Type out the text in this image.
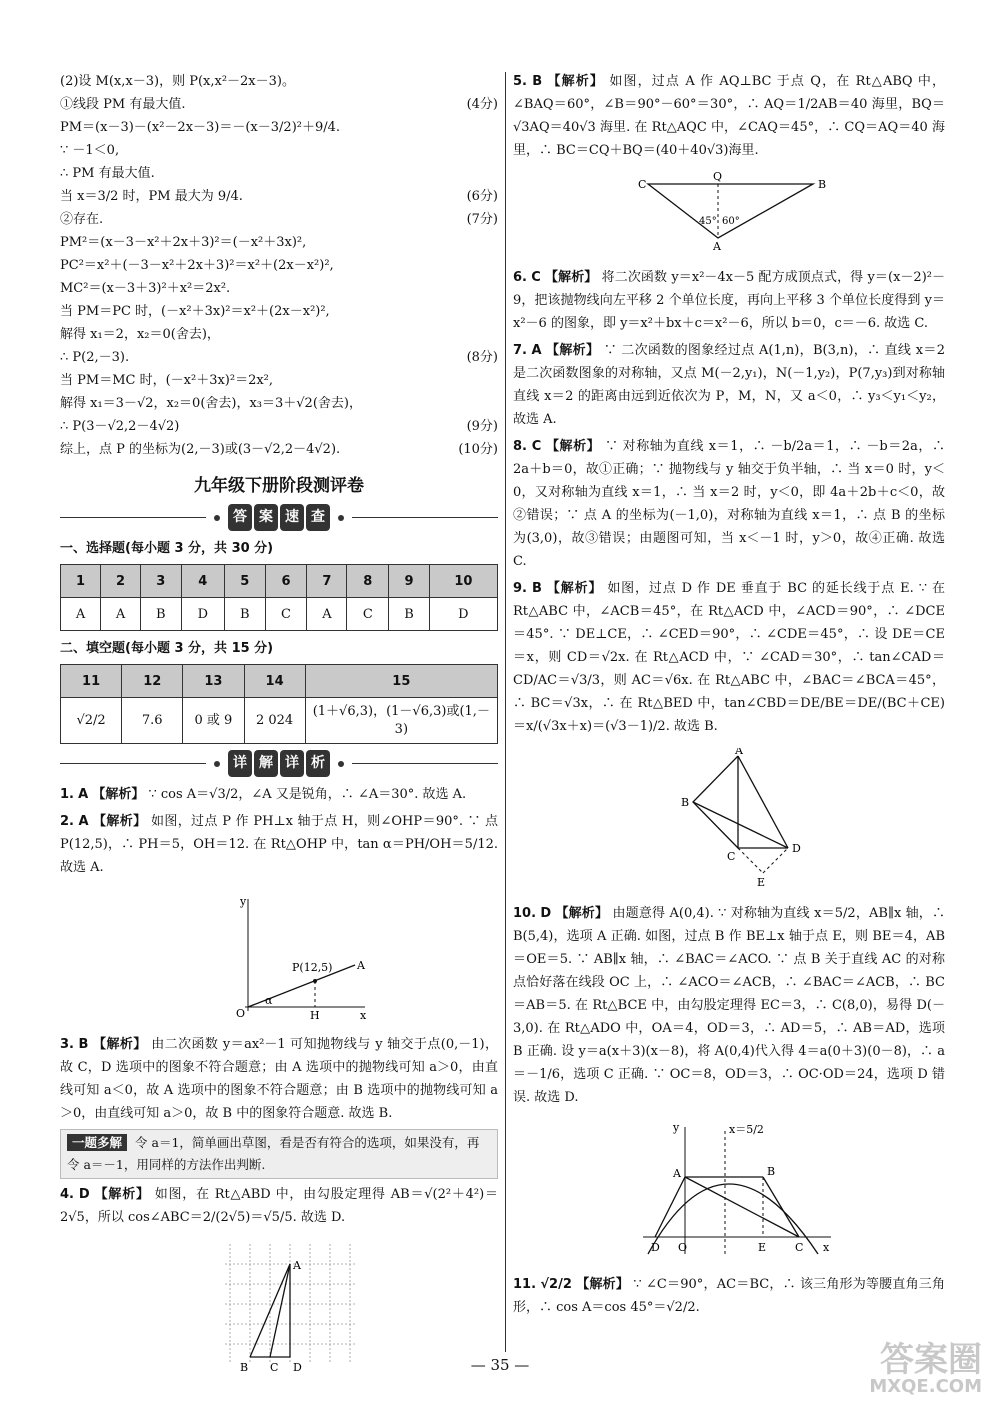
(2)设 M(x,x－3)，则 P(x,x²－2x－3)。
①线段 PM 有最大值.	(4分)
PM＝(x－3)－(x²－2x－3)＝－(x－3/2)²＋9/4.
∵ －1＜0,
∴ PM 有最大值.
当 x＝3/2 时，PM 最大为 9/4.	(6分)
②存在.	(7分)
PM²＝(x－3－x²＋2x＋3)²＝(－x²＋3x)²,
PC²＝x²＋(－3－x²＋2x＋3)²＝x²＋(2x－x²)²,
MC²＝(x－3＋3)²＋x²＝2x².
当 PM＝PC 时，(－x²＋3x)²＝x²＋(2x－x²)²,
解得 x₁＝2，x₂＝0(舍去)，
∴ P(2,－3).	(8分)
当 PM＝MC 时，(－x²＋3x)²＝2x²,
解得 x₁＝3－√2，x₂＝0(舍去)，x₃＝3＋√2(舍去)，
∴ P(3－√2,2－4√2)	(9分)
综上，点 P 的坐标为(2,－3)或(3－√2,2－4√2).	(10分)
九年级下册阶段测评卷
答 案 速 查
一、选择题(每小题 3 分，共 30 分)
1	2	3	4	5	6	7	8	9	10
A	A	B	D	B	C	A	C	B	D
二、填空题(每小题 3 分，共 15 分)
11	12	13	14	15
√2/2	7.6	0 或 9	2 024	(1＋√6,3)，(1－√6,3)或(1,－3)
详 解 详 析
1. A 【解析】 ∵ cos A＝√3/2，∠A 又是锐角，∴ ∠A＝30°. 故选 A.
2. A 【解析】 如图，过点 P 作 PH⊥x 轴于点 H，则∠OHP＝90°. ∵ 点P(12,5)，∴ PH＝5，OH＝12. 在 Rt△OHP 中，tan α＝PH/OH＝5/12. 故选 A.
y
P(12,5) A
O	H	x
α
3. B 【解析】 由二次函数 y＝ax²－1 可知抛物线与 y 轴交于点(0,－1)，故 C，D 选项中的图象不符合题意；由 A 选项中的抛物线可知 a＞0，由直线可知 a＜0，故 A 选项中的图象不符合题意；由 B 选项中的抛物线可知 a＞0，由直线可知 a＞0，故 B 中的图象符合题意. 故选 B.
一题多解 令 a＝1，简单画出草图，看是否有符合的选项，如果没有，再令 a＝－1，用同样的方法作出判断.
4. D 【解析】 如图，在 Rt△ABD 中，由勾股定理得 AB＝√(2²＋4²)＝2√5，所以 cos∠ABC＝2/(2√5)＝√5/5. 故选 D.
A
B C D
5. B 【解析】 如图，过点 A 作 AQ⊥BC 于点 Q，在 Rt△ABQ 中，∠BAQ＝60°，∠B＝90°－60°＝30°，∴ AQ＝1/2AB＝40 海里，BQ＝√3AQ＝40√3 海里. 在 Rt△AQC 中，∠CAQ＝45°，∴ CQ＝AQ＝40 海里，∴ BC＝CQ＋BQ＝(40＋40√3)海里.
C
Q
B
A
45° 60°
6. C 【解析】 将二次函数 y＝x²－4x－5 配方成顶点式，得 y＝(x－2)²－9，把该抛物线向左平移 2 个单位长度，再向上平移 3 个单位长度得到 y＝x²－6 的图象，即 y＝x²＋bx＋c＝x²－6，所以 b＝0，c＝－6. 故选 C.
7. A 【解析】 ∵ 二次函数的图象经过点 A(1,n)，B(3,n)，∴ 直线 x＝2 是二次函数图象的对称轴，又点 M(－2,y₁)，N(－1,y₂)，P(7,y₃)到对称轴直线 x＝2 的距离由远到近依次为 P，M，N，又 a＜0，∴ y₃＜y₁＜y₂，故选 A.
8. C 【解析】 ∵ 对称轴为直线 x＝1，∴ －b/2a＝1，∴ －b＝2a，∴ 2a＋b＝0，故①正确；∵ 抛物线与 y 轴交于负半轴，∴ 当 x＝0 时，y＜0，又对称轴为直线 x＝1，∴ 当 x＝2 时，y＜0，即 4a＋2b＋c＜0，故②错误；∵ 点 A 的坐标为(－1,0)，对称轴为直线 x＝1，∴ 点 B 的坐标为(3,0)，故③错误；由题图可知，当 x＜－1 时，y＞0，故④正确. 故选 C.
9. B 【解析】 如图，过点 D 作 DE 垂直于 BC 的延长线于点 E. ∵ 在 Rt△ABC 中，∠ACB＝45°，在 Rt△ACD 中，∠ACD＝90°，∴ ∠DCE＝45°. ∵ DE⊥CE，∴ ∠CED＝90°，∴ ∠CDE＝45°，∴ 设 DE＝CE＝x，则 CD＝√2x. 在 Rt△ACD 中，∵ ∠CAD＝30°，∴ tan∠CAD＝CD/AC＝√3/3，则 AC＝√6x. 在 Rt△ABC 中，∠BAC＝∠BCA＝45°，∴ BC＝√3x，∴ 在 Rt△BED 中，tan∠CBD＝DE/BE＝DE/(BC＋CE)＝x/(√3x＋x)＝(√3－1)/2. 故选 B.
A
B
C
D
E
10. D 【解析】 由题意得 A(0,4). ∵ 对称轴为直线 x＝5/2，AB∥x 轴，∴ B(5,4)，选项 A 正确. 如图，过点 B 作 BE⊥x 轴于点 E，则 BE＝4，AB＝OE＝5. ∵ AB∥x 轴，∴ ∠BAC＝∠ACO. ∵ 点 B 关于直线 AC 的对称点恰好落在线段 OC 上，∴ ∠ACO＝∠ACB，∴ ∠BAC＝∠ACB，∴ BC＝AB＝5. 在 Rt△BCE 中，由勾股定理得 EC＝3，∴ C(8,0)，易得 D(－3,0). 在 Rt△ADO 中，OA＝4，OD＝3，∴ AD＝5，∴ AB＝AD，选项 B 正确. 设 y＝a(x＋3)(x－8)，将 A(0,4)代入得 4＝a(0＋3)(0－8)，∴ a＝－1/6，选项 C 正确. ∵ OC＝8，OD＝3，∴ OC·OD＝24，选项 D 错误. 故选 D.
y	x＝5/2
A	B
D O	E	C x
11. √2/2 【解析】 ∵ ∠C＝90°，AC＝BC，∴ 该三角形为等腰直角三角形，∴ cos A＝cos 45°＝√2/2.
— 35 —	答案圈
MXQE.COM
